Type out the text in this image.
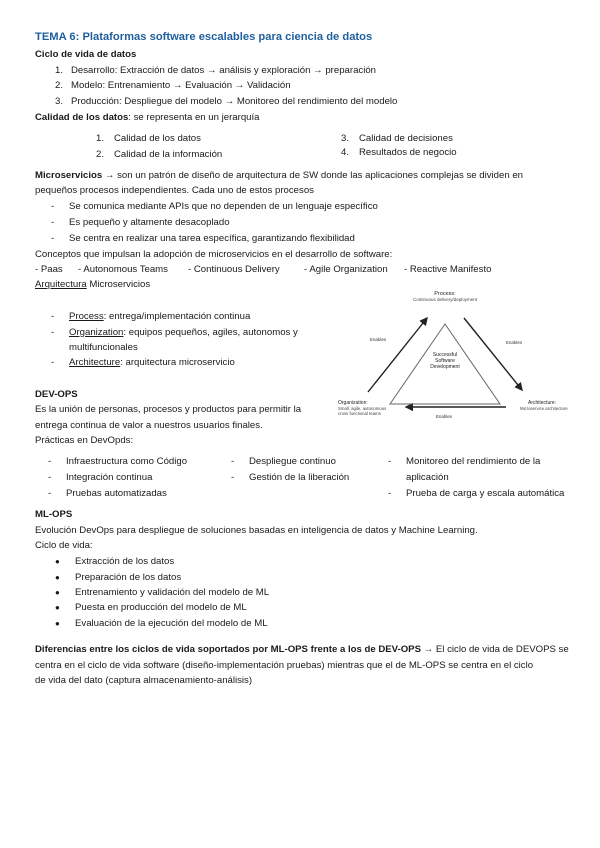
TEMA 6: Plataformas software escalables para ciencia de datos
Ciclo de vida de datos
1. Desarrollo: Extracción de datos → análisis y exploración → preparación
2. Modelo: Entrenamiento → Evaluación → Validación
3. Producción: Despliegue del modelo → Monitoreo del rendimiento del modelo
Calidad de los datos: se representa en un jerarquía
1. Calidad de los datos
2. Calidad de la información
3. Calidad de decisiones
4. Resultados de negocio
Microservicios → son un patrón de diseño de arquitectura de SW donde las aplicaciones complejas se dividen en
pequeños procesos independientes. Cada uno de estos procesos
- Se comunica mediante APIs que no dependen de un lenguaje específico
- Es pequeño y altamente desacoplado
- Se centra en realizar una tarea específica, garantizando flexibilidad
Conceptos que impulsan la adopción de microservicios en el desarrollo de software:
- Paas - Autonomous Teams - Continuous Delivery	- Agile Organization - Reactive Manifesto
Arquitectura Microservicios
- Process: entrega/implementación continua
- Organization: equipos pequeños, agiles, autonomos y
multifuncionales
- Architecture: arquitectura microservicio
Process:
Continuous delivery/deployment
Enables
Enables
Enables
Successful
Software
Development
Organization:
Small, agile, autonomous
cross functional teams
Architecture:
Microservice architecture
DEV-OPS
Es la unión de personas, procesos y productos para permitir la
entrega continua de valor a nuestros usuarios finales.
Prácticas en DevOpds:
- Infraestructura como Código
- Integración continua
- Pruebas automatizadas
- Despliegue continuo
- Gestión de la liberación
- Monitoreo del rendimiento de la
aplicación
- Prueba de carga y escala automática
ML-OPS
Evolución DevOps para despliegue de soluciones basadas en inteligencia de datos y Machine Learning.
Ciclo de vida:
● Extracción de los datos
● Preparación de los datos
● Entrenamiento y validación del modelo de ML
● Puesta en producción del modelo de ML
● Evaluación de la ejecución del modelo de ML
Diferencias entre los ciclos de vida soportados por ML-OPS frente a los de DEV-OPS → El ciclo de vida de DEVOPS se
centra en el ciclo de vida software (diseño-implementación pruebas) mientras que el de ML-OPS se centra en el ciclo
de vida del dato (captura almacenamiento-análisis)
